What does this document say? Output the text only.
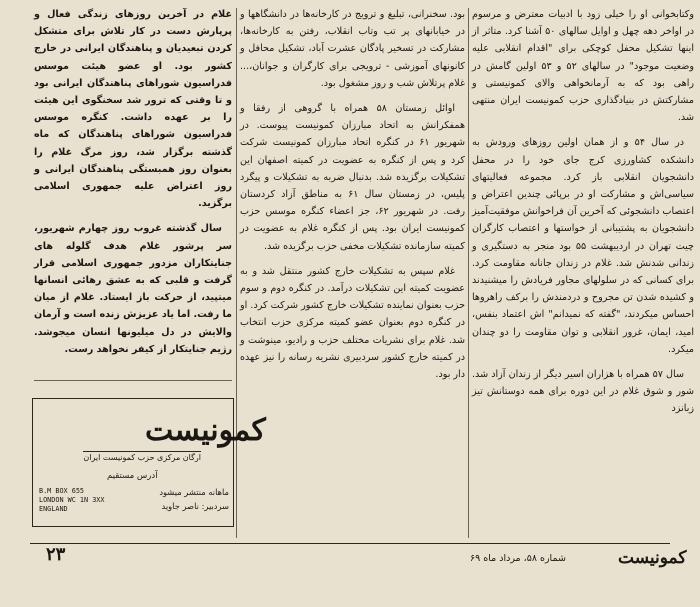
وکتابخوانی او را خیلی زود با ادبیات معترض و مرسوم در اواخر دهه چهل و اوایل سالهای ۵۰ آشنا کرد. متاثر از اینها تشکیل محفل کوچکی برای "اقدام انقلابی علیه وضعیت موجود" در سالهای ۵۲ و ۵۳ اولین گامش در راهی بود که به آرمانخواهی والای کمونیستی و مشارکتش در بنیادگذاری حزب کمونیست ایران منتهی شد.

در سال ۵۴ و از همان اولین روزهای ورودش به دانشکده کشاورزی کرج جای خود را در محفل دانشجویان انقلابی باز کرد. مجموعه فعالیتهای سیاسی‌اش و مشارکت او در برپائی چندین اعتراض و اعتصاب دانشجوئی که آخرین آن فراخوانش موفقیت‌آمیز دانشجویان به پشتیبانی از خواستها و اعتصاب کارگران چیت تهران در اردیبهشت ۵۵ بود منجر به دستگیری و زندانی شدنش شد. غلام در زندان جانانه مقاومت کرد. برای کسانی که در سلولهای مجاور فریادش را میشنیدند و کشیده شدن تن مجروح و دردمندش را برکف راهروها احساس میکردند، "گفته که نمیدانم" اش اعتماد بنفس، امید، ایمان، غرور انقلابی و توان مقاومت را دو چندان میکرد.

سال ۵۷ همراه با هزاران اسیر دیگر از زندان آزاد شد. شور و شوق غلام در این دوره برای همه دوستانش تیز زبانزد

بود. سخنرانی، تبلیغ و ترویج در کارخانه‌ها در دانشگاهها و در خیابانهای پر تب وتاب انقلاب، رفتن به کارخانه‌ها، مشارکت در تسخیر پادگان عشرت آباد، تشکیل محافل و کانونهای آموزشی - ترویجی برای کارگران و جوانان،... غلام پرتلاش شب و روز مشغول بود.

اوائل زمستان ۵۸ همراه با گروهی از رفقا و همفکرانش به اتحاد مبارزان کمونیست پیوست. در شهریور ۶۱ در کنگره اتحاد مبارزان کمونیست شرکت کرد و پس از کنگره به عضویت در کمیته اصفهان این تشکیلات برگزیده شد. بدنبال ضربه به تشکیلات و پیگرد پلیس، در زمستان سال ۶۱ به مناطق آزاد کردستان رفت. در شهریور ۶۲، جز اعضاء کنگره موسس حزب کمونیست ایران بود. پس از کنگره غلام به عضویت در کمیته سازمانده تشکیلات مخفی حزب برگزیده شد.

غلام سپس به تشکیلات خارج کشور منتقل شد و به عضویت کمیته این تشکیلات درآمد. در کنگره دوم و سوم حزب بعنوان نماینده تشکیلات خارج کشور شرکت کرد. او در کنگره دوم بعنوان عضو کمیته مرکزی حزب انتخاب شد. غلام برای نشریات مختلف حزب و رادیو، مینوشت و در کمیته خارج کشور سردبیری نشریه رسانه را نیز عهده دار بود.

غلام در آخرین روزهای زندگی فعال و پرپارش دست در کار تلاش برای متشکل کردن تبعیدیان و پناهندگان ایرانی در خارج کشور بود. او عضو هیئت موسس فدراسیون شوراهای پناهندگان ایرانی بود و تا وقتی که ترور شد سخنگوی این هیئت را بر عهده داشت. کنگره موسس فدراسیون شوراهای پناهندگان که ماه گذشته برگزار شد، روز مرگ غلام را بعنوان روز همبستگی پناهندگان ایرانی و روز اعتراض علیه جمهوری اسلامی برگزید.

سال گذشته غروب روز چهارم شهریور، سر پرشور غلام هدف گلوله های جنایتکاران مزدور جمهوری اسلامی قرار گرفت و قلبی که به عشق رهائی انسانها میتپید، از حرکت باز ایستاد. غلام از میان ما رفت. اما یاد عزیزش زنده است و آرمان والایش در دل میلیونها انسان میجوشد. رژیم جنایتکار از کیفر نخواهد رست.

کمونیست
ارگان مرکزی حزب کمونیست ایران
آدرس مستقیم
B.M BOX 655
LONDON WC 1N 3XX
ENGLAND
ماهانه منتشر میشود
سردبیر: ناصر جاوید
۲۳	شماره ۵۸، مرداد ماه ۶۹	کمونیست
